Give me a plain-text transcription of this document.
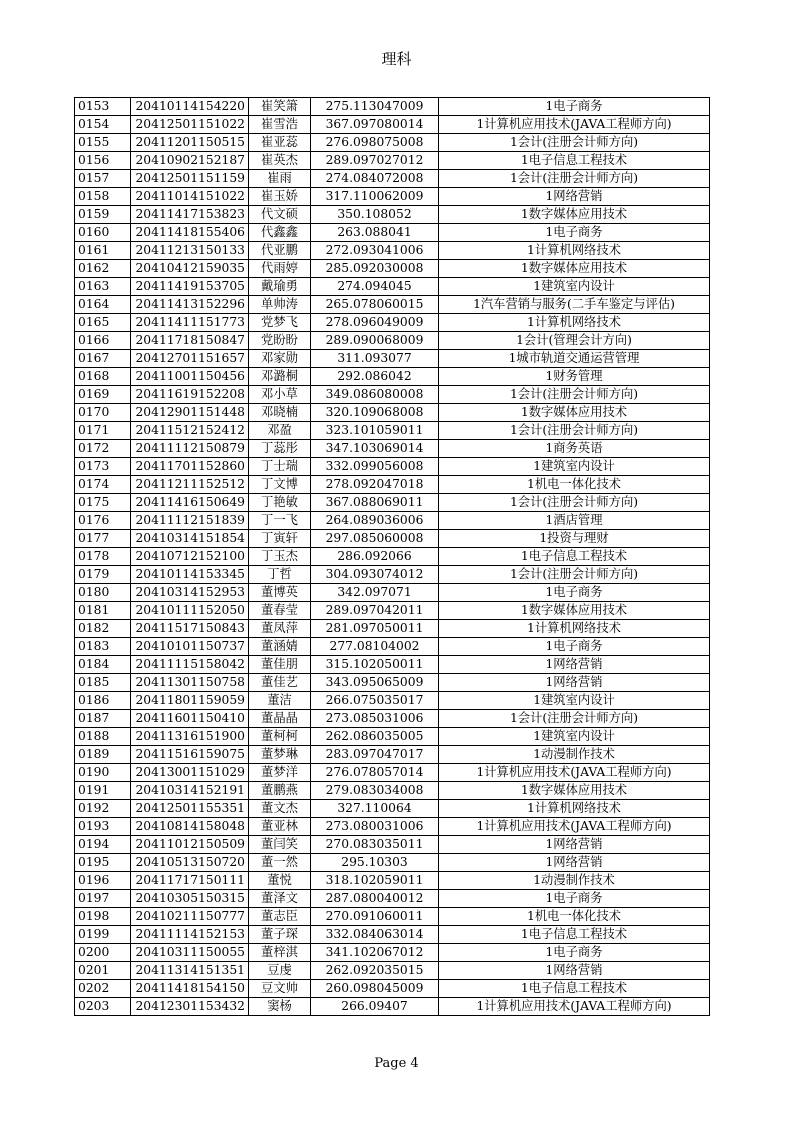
理科
0153	20410114154220	崔笑箫	275.113047009	1电子商务
0154	20412501151022	崔雪浩	367.097080014	1计算机应用技术(JAVA工程师方向)
0155	20411201150515	崔亚蕊	276.098075008	1会计(注册会计师方向)
0156	20410902152187	崔英杰	289.097027012	1电子信息工程技术
0157	20412501151159	崔雨	274.084072008	1会计(注册会计师方向)
0158	20411014151022	崔玉娇	317.110062009	1网络营销
0159	20411417153823	代文硕	350.108052	1数字媒体应用技术
0160	20411418155406	代鑫鑫	263.088041	1电子商务
0161	20411213150133	代亚鹏	272.093041006	1计算机网络技术
0162	20410412159035	代雨婷	285.092030008	1数字媒体应用技术
0163	20411419153705	戴瑜勇	274.094045	1建筑室内设计
0164	20411413152296	单帅涛	265.078060015	1汽车营销与服务(二手车鉴定与评估)
0165	20411411151773	党梦飞	278.096049009	1计算机网络技术
0166	20411718150847	党盼盼	289.090068009	1会计(管理会计方向)
0167	20412701151657	邓家勋	311.093077	1城市轨道交通运营管理
0168	20411001150456	邓潞桐	292.086042	1财务管理
0169	20411619152208	邓小草	349.086080008	1会计(注册会计师方向)
0170	20412901151448	邓晓楠	320.109068008	1数字媒体应用技术
0171	20411512152412	邓盈	323.101059011	1会计(注册会计师方向)
0172	20411112150879	丁蕊彤	347.103069014	1商务英语
0173	20411701152860	丁士瑞	332.099056008	1建筑室内设计
0174	20411211152512	丁文博	278.092047018	1机电一体化技术
0175	20411416150649	丁艳敏	367.088069011	1会计(注册会计师方向)
0176	20411112151839	丁一飞	264.089036006	1酒店管理
0177	20410314151854	丁寅轩	297.085060008	1投资与理财
0178	20410712152100	丁玉杰	286.092066	1电子信息工程技术
0179	20410114153345	丁哲	304.093074012	1会计(注册会计师方向)
0180	20410314152953	董博英	342.097071	1电子商务
0181	20410111152050	董春莹	289.097042011	1数字媒体应用技术
0182	20411517150843	董凤萍	281.097050011	1计算机网络技术
0183	20410101150737	董涵婧	277.08104002	1电子商务
0184	20411115158042	董佳朋	315.102050011	1网络营销
0185	20411301150758	董佳艺	343.095065009	1网络营销
0186	20411801159059	董洁	266.075035017	1建筑室内设计
0187	20411601150410	董晶晶	273.085031006	1会计(注册会计师方向)
0188	20411316151900	董柯柯	262.086035005	1建筑室内设计
0189	20411516159075	董梦琳	283.097047017	1动漫制作技术
0190	20413001151029	董梦洋	276.078057014	1计算机应用技术(JAVA工程师方向)
0191	20410314152191	董鹏燕	279.083034008	1数字媒体应用技术
0192	20412501155351	董文杰	327.110064	1计算机网络技术
0193	20410814158048	董亚林	273.080031006	1计算机应用技术(JAVA工程师方向)
0194	20411012150509	董闫笑	270.083035011	1网络营销
0195	20410513150720	董一然	295.10303	1网络营销
0196	20411717150111	董悦	318.102059011	1动漫制作技术
0197	20410305150315	董泽文	287.080040012	1电子商务
0198	20410211150777	董志臣	270.091060011	1机电一体化技术
0199	20411114152153	董子琛	332.084063014	1电子信息工程技术
0200	20410311150055	董梓淇	341.102067012	1电子商务
0201	20411314151351	豆虔	262.092035015	1网络营销
0202	20411418154150	豆文帅	260.098045009	1电子信息工程技术
0203	20412301153432	窦杨	266.09407	1计算机应用技术(JAVA工程师方向)
Page 4
